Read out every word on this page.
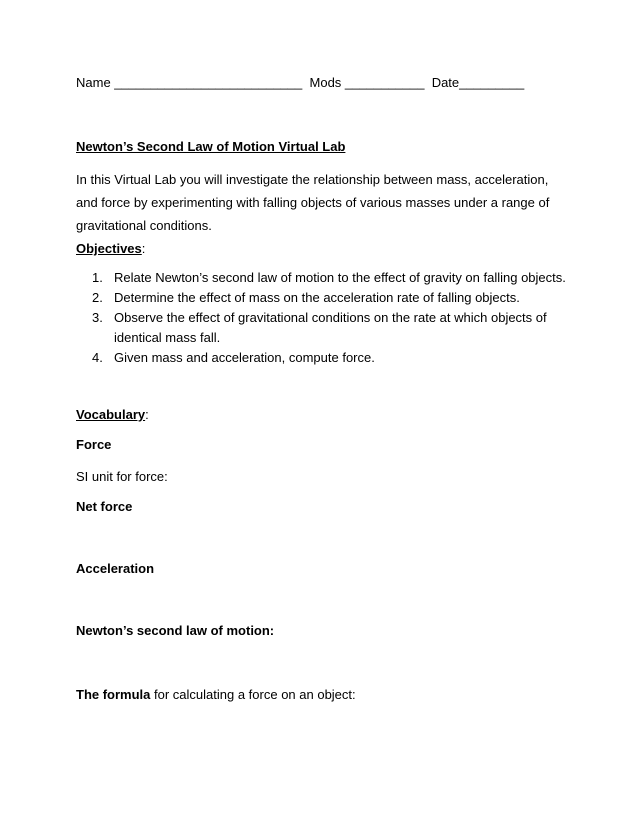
Name __________________________ Mods ___________ Date_________

Newton’s Second Law of Motion Virtual Lab

In this Virtual Lab you will investigate the relationship between mass, acceleration, and force by experimenting with falling objects of various masses under a range of gravitational conditions.

Objectives:

1. Relate Newton’s second law of motion to the effect of gravity on falling objects.
2. Determine the effect of mass on the acceleration rate of falling objects.
3. Observe the effect of gravitational conditions on the rate at which objects of identical mass fall.
4. Given mass and acceleration, compute force.

Vocabulary:

Force

SI unit for force:

Net force

Acceleration

Newton’s second law of motion:

The formula for calculating a force on an object:
